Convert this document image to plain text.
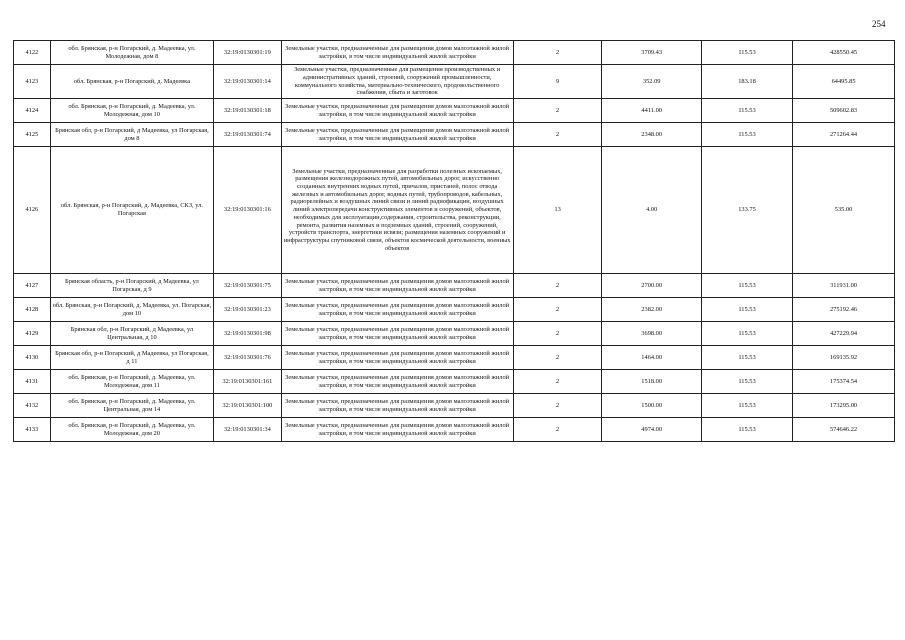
254
4122	обл. Брянская, р-н Погарский, д. Мадеевка, ул. Молодежная, дом 8	32:19:0130301:19	Земельные участки, предназначенные для размещения домов малоэтажной жилой застройки, в том числе индивидуальной жилой застройки	2	3709.43	115.53	428550.45
4123	обл. Брянская, р-н Погарский, д. Мадеевка	32:19:0130301:14	Земельные участки, предназначенные для размещения производственных и административных зданий, строений, сооружений промышленности, коммунального хозяйства, материально-технического, продовольственного снабжения, сбыта и заготовок	9	352.09	183.18	64495.85
4124	обл. Брянская, р-н Погарский, д. Мадеевка, ул. Молодежная, дом 10	32:19:0130301:18	Земельные участки, предназначенные для размещения домов малоэтажной жилой застройки, в том числе индивидуальной жилой застройки	2	4411.00	115.53	509602.83
4125	Брянская обл, р-н Погарский, д Мадеевка, ул Погарская, дом 8	32:19:0130301:74	Земельные участки, предназначенные для размещения домов малоэтажной жилой застройки, в том числе индивидуальной жилой застройки	2	2348.00	115.53	271264.44
4126	обл. Брянская, р-н Погарский, д. Мадеевка, СКЗ, ул. Погарская	32:19:0130301:16	Земельные участки, предназначенные для разработки полезных ископаемых, размещения железнодорожных путей, автомобильных дорог, искусственно созданных внутренних водных путей, причалов, пристаней, полос отвода железных и автомобильных дорог, водных путей, трубопроводов, кабельных, радиорелейных и воздушных линий связи и линий радиофикации, воздушных линий электропередачи конструктивных элементов и сооружений, объектов, необходимых для эксплуатации,содержания, строительства, реконструкции, ремонта, развития наземных и подземных зданий, строений, сооружений, устройств транспорта, энергетики исвязи; размещения наземных сооружений и инфраструктуры спутниковой связи, объектов космической деятельности, военных объектов	13	4.00	133.75	535.00
4127	Брянская область, р-н Погарский, д Мадеевка, ул Погарская, д 9	32:19:0130301:75	Земельные участки, предназначенные для размещения домов малоэтажной жилой застройки, в том числе индивидуальной жилой застройки	2	2700.00	115.53	311931.00
4128	обл. Брянская, р-н Погарский, д. Мадеевка, ул. Погарская, дом 10	32:19:0130301:23	Земельные участки, предназначенные для размещения домов малоэтажной жилой застройки, в том числе индивидуальной жилой застройки	2	2382.00	115.53	275192.46
4129	Брянская обл, р-н Погарский, д Мадеевка, ул Центральная, д 10	32:19:0130301:98	Земельные участки, предназначенные для размещения домов малоэтажной жилой застройки, в том числе индивидуальной жилой застройки	2	3698.00	115.53	427229.94
4130	Брянская обл, р-н Погарский, д Мадеевка, ул Погарская, д 11	32:19:0130301:76	Земельные участки, предназначенные для размещения домов малоэтажной жилой застройки, в том числе индивидуальной жилой застройки	2	1464.00	115.53	169135.92
4131	обл. Брянская, р-н Погарский, д. Мадеевка, ул. Молодежная, дом 11	32:19:0130301:161	Земельные участки, предназначенные для размещения домов малоэтажной жилой застройки, в том числе индивидуальной жилой застройки	2	1518.00	115.53	175374.54
4132	обл. Брянская, р-н Погарский, д. Мадеевка, ул. Центральная, дом 14	32:19:0130301:100	Земельные участки, предназначенные для размещения домов малоэтажной жилой застройки, в том числе индивидуальной жилой застройки	2	1500.00	115.53	173295.00
4133	обл. Брянская, р-н Погарский, д. Мадеевка, ул. Молодежная, дом 20	32:19:0130301:34	Земельные участки, предназначенные для размещения домов малоэтажной жилой застройки, в том числе индивидуальной жилой застройки	2	4974.00	115.53	574646.22
